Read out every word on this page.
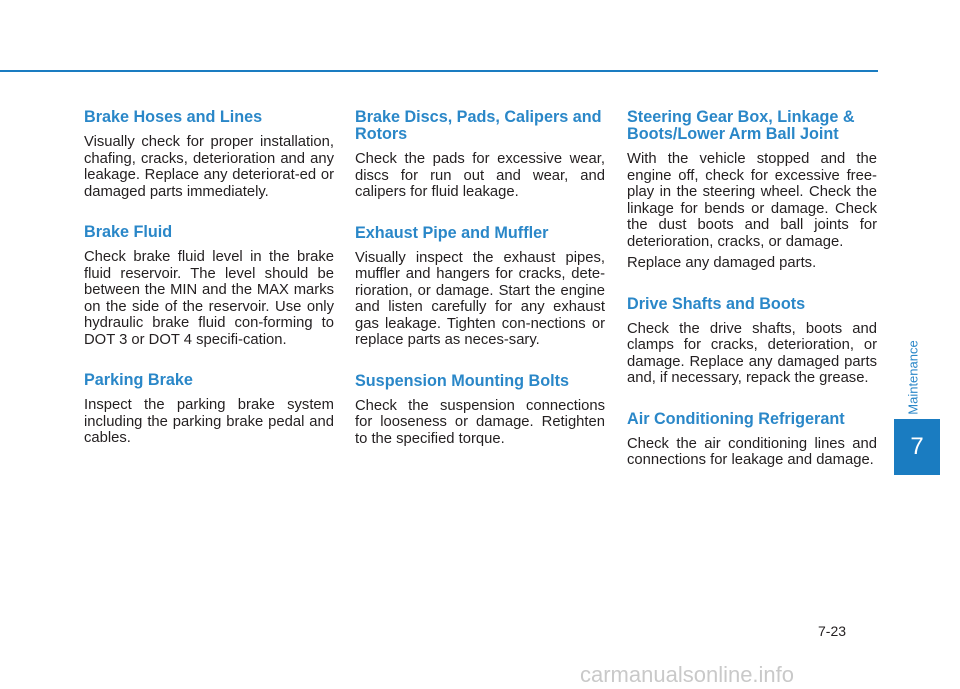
Brake Hoses and Lines

Visually check for proper installation, chafing, cracks, deterioration and any leakage. Replace any deteriorat-ed or damaged parts immediately.

Brake Fluid

Check brake fluid level in the brake fluid reservoir. The level should be between the MIN and the MAX marks on the side of the reservoir. Use only hydraulic brake fluid con-forming to DOT 3 or DOT 4 specifi-cation.

Parking Brake

Inspect the parking brake system including the parking brake pedal and cables.

Brake Discs, Pads, Calipers and Rotors

Check the pads for excessive wear, discs for run out and wear, and calipers for fluid leakage.

Exhaust Pipe and Muffler

Visually inspect the exhaust pipes, muffler and hangers for cracks, dete-rioration, or damage. Start the engine and listen carefully for any exhaust gas leakage. Tighten con-nections or replace parts as neces-sary.

Suspension Mounting Bolts

Check the suspension connections for looseness or damage. Retighten to the specified torque.

Steering Gear Box, Linkage & Boots/Lower Arm Ball Joint

With the vehicle stopped and the engine off, check for excessive free-play in the steering wheel. Check the linkage for bends or damage. Check the dust boots and ball joints for deterioration, cracks, or damage.

Replace any damaged parts.

Drive Shafts and Boots

Check the drive shafts, boots and clamps for cracks, deterioration, or damage. Replace any damaged parts and, if necessary, repack the grease.

Air Conditioning Refrigerant

Check the air conditioning lines and connections for leakage and damage.

Maintenance
7
7-23
carmanualsonline.info
